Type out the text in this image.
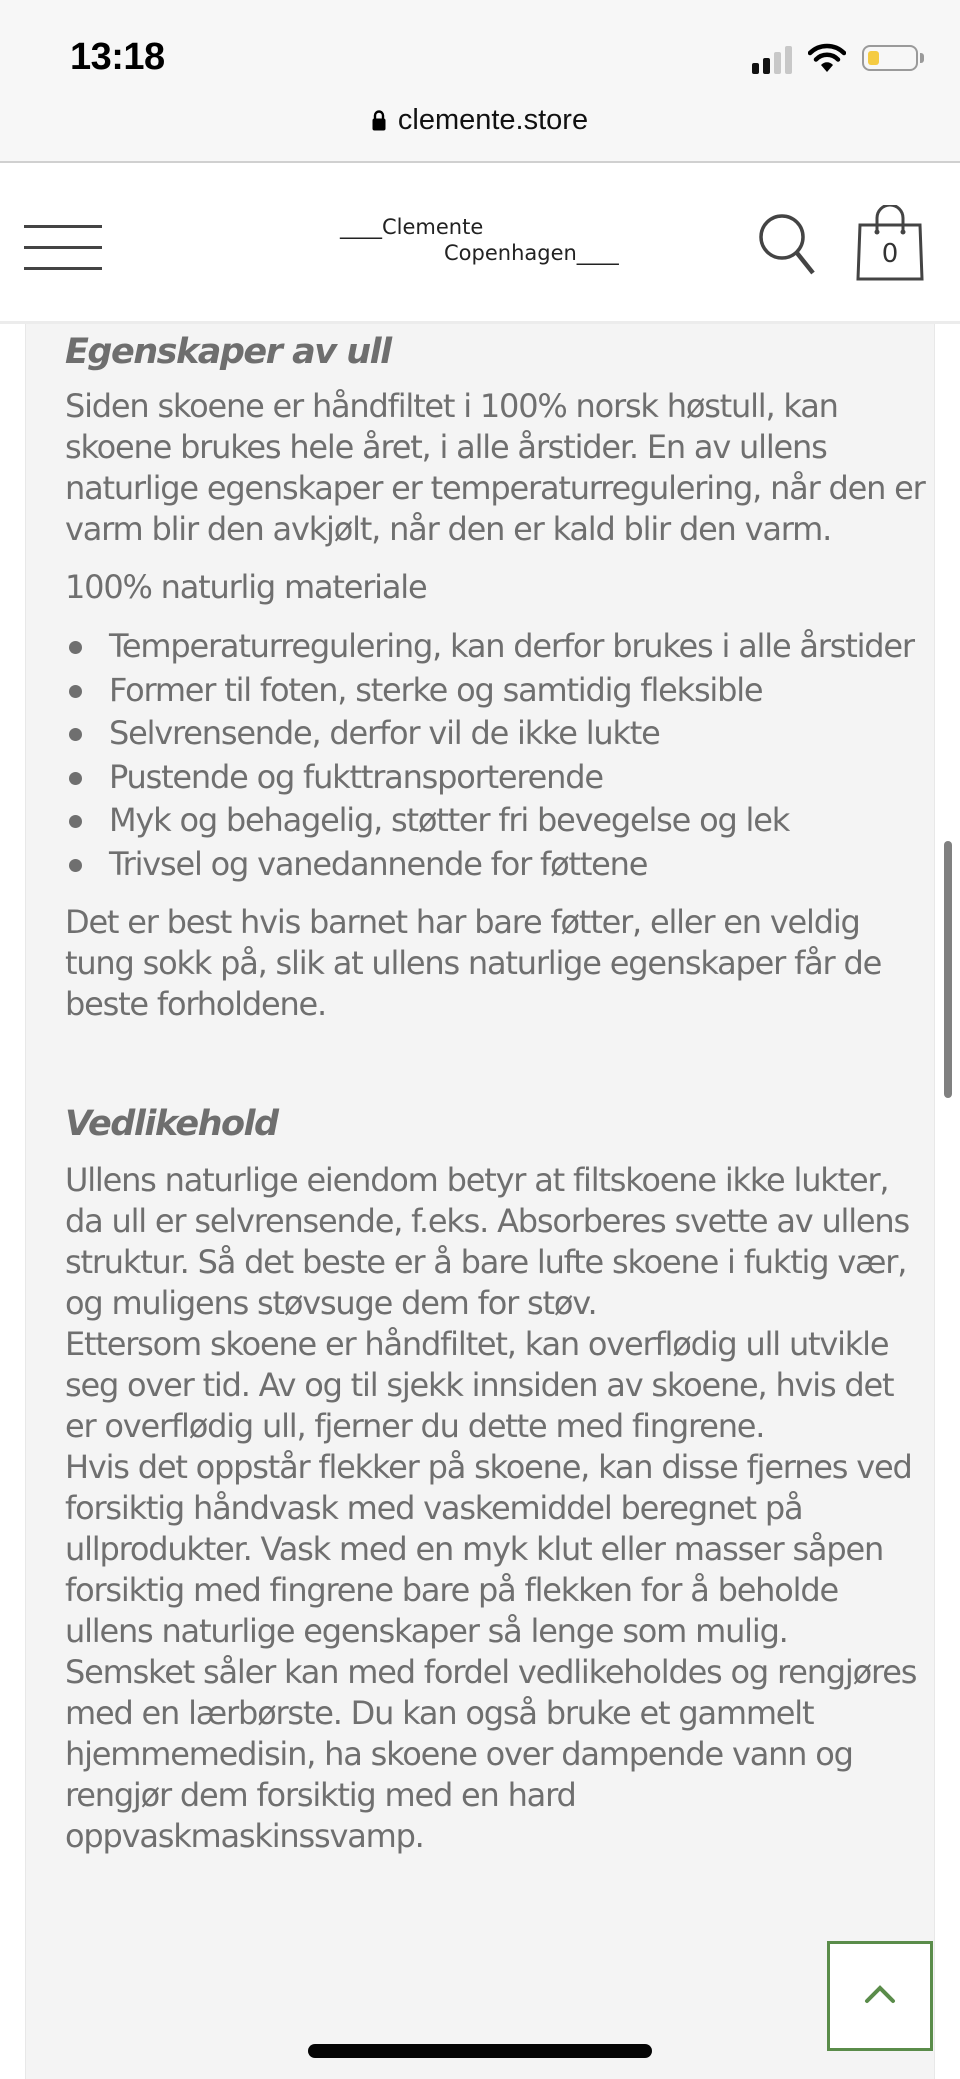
13:18
clemente.store
____Clemente
Copenhagen____	0
Egenskaper av ull

Siden skoene er håndfiltet i 100% norsk høstull, kan skoene brukes hele året, i alle årstider. En av ullens naturlige egenskaper er temperaturregulering, når den er varm blir den avkjølt, når den er kald blir den varm.

100% naturlig materiale

Temperaturregulering, kan derfor brukes i alle årstider
Former til foten, sterke og samtidig fleksible
Selvrensende, derfor vil de ikke lukte
Pustende og fukttransporterende
Myk og behagelig, støtter fri bevegelse og lek
Trivsel og vanedannende for føttene

Det er best hvis barnet har bare føtter, eller en veldig tung sokk på, slik at ullens naturlige egenskaper får de beste forholdene.

Vedlikehold

Ullens naturlige eiendom betyr at filtskoene ikke lukter, da ull er selvrensende, f.eks. Absorberes svette av ullens struktur. Så det beste er å bare lufte skoene i fuktig vær, og muligens støvsuge dem for støv.

Ettersom skoene er håndfiltet, kan overflødig ull utvikle seg over tid. Av og til sjekk innsiden av skoene, hvis det er overflødig ull, fjerner du dette med fingrene.

Hvis det oppstår flekker på skoene, kan disse fjernes ved forsiktig håndvask med vaskemiddel beregnet på ullprodukter. Vask med en myk klut eller masser såpen forsiktig med fingrene bare på flekken for å beholde ullens naturlige egenskaper så lenge som mulig.

Semsket såler kan med fordel vedlikeholdes og rengjøres med en lærbørste. Du kan også bruke et gammelt hjemmemedisin, ha skoene over dampende vann og rengjør dem forsiktig med en hard oppvaskmaskinssvamp.
